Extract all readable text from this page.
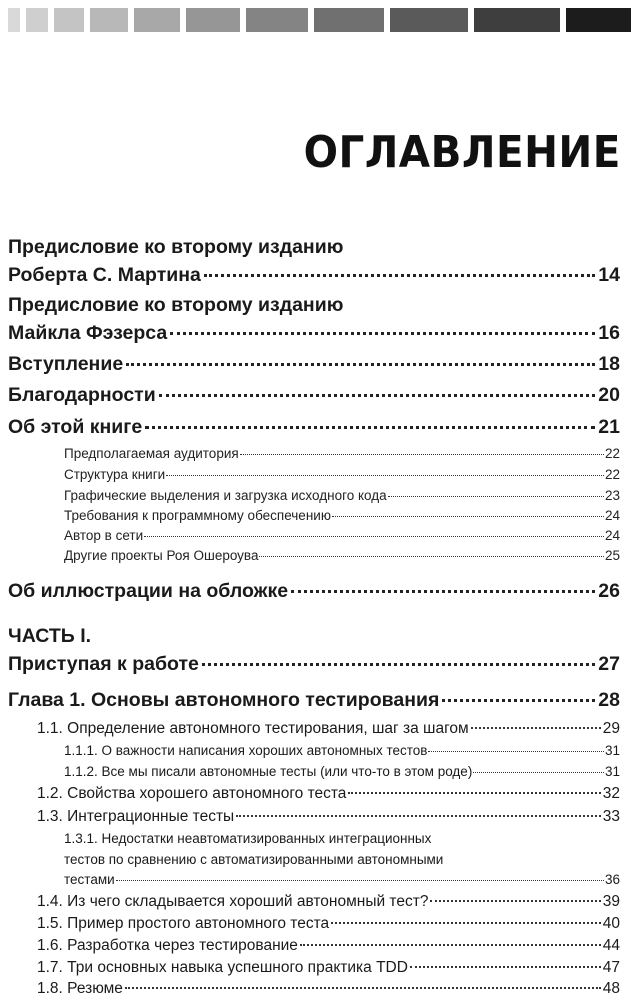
ОГЛАВЛЕНИЕ
Предисловие ко второму изданию
Роберта С. Мартина	14
Предисловие ко второму изданию
Майкла Фэзерса	16
Вступление	18
Благодарности	20
Об этой книге	21
Предполагаемая аудитория	22
Структура книги	22
Графические выделения и загрузка исходного кода	23
Требования к программному обеспечению	24
Автор в сети	24
Другие проекты Роя Ошероува	25
Об иллюстрации на обложке	26
ЧАСТЬ I.
Приступая к работе	27
Глава 1. Основы автономного тестирования	28
1.1. Определение автономного тестирования, шаг за шагом	29
1.1.1. О важности написания хороших автономных тестов	31
1.1.2. Все мы писали автономные тесты (или что-то в этом роде)	31
1.2. Свойства хорошего автономного теста	32
1.3. Интеграционные тесты	33
1.3.1. Недостатки неавтоматизированных интеграционных
тестов по сравнению с автоматизированными автономными
тестами	36
1.4. Из чего складывается хороший автономный тест?	39
1.5. Пример простого автономного теста	40
1.6. Разработка через тестирование	44
1.7. Три основных навыка успешного практика TDD	47
1.8. Резюме	48
